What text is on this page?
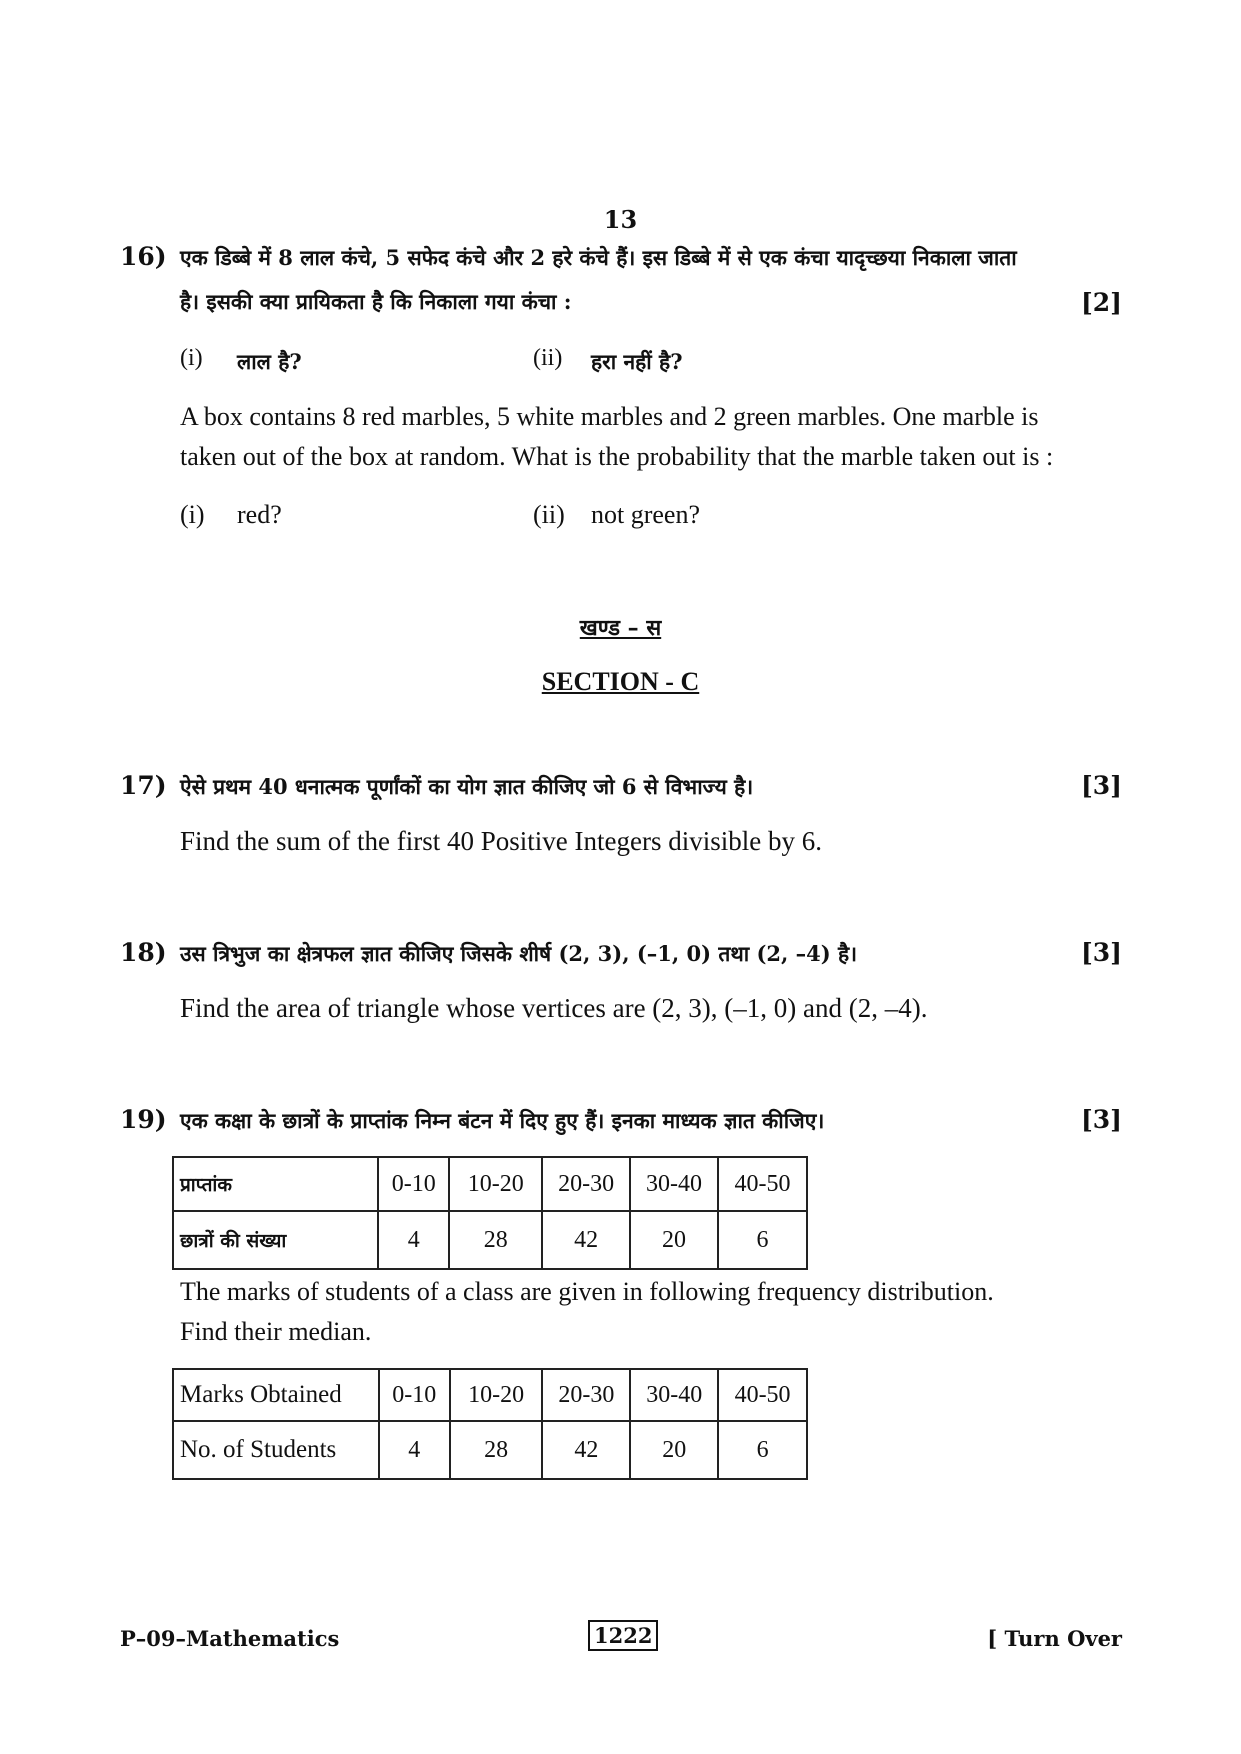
13
16) एक डिब्बे में 8 लाल कंचे, 5 सफेद कंचे और 2 हरे कंचे हैं। इस डिब्बे में से एक कंचा यादृच्छया निकाला जाता
है। इसकी क्या प्रायिकता है कि निकाला गया कंचा :	[2]
(i) लाल है?	(ii) हरा नहीं है?
A box contains 8 red marbles, 5 white marbles and 2 green marbles. One marble is
taken out of the box at random. What is the probability that the marble taken out is :
(i) red?	(ii) not green?
खण्ड – स
SECTION - C
17) ऐसे प्रथम 40 धनात्मक पूर्णांकों का योग ज्ञात कीजिए जो 6 से विभाज्य है।	[3]
Find the sum of the first 40 Positive Integers divisible by 6.
18) उस त्रिभुज का क्षेत्रफल ज्ञात कीजिए जिसके शीर्ष (2, 3), (–1, 0) तथा (2, –4) है।	[3]
Find the area of triangle whose vertices are (2, 3), (–1, 0) and (2, –4).
19) एक कक्षा के छात्रों के प्राप्तांक निम्न बंटन में दिए हुए हैं। इनका माध्यक ज्ञात कीजिए।	[3]
प्राप्तांक	0-10	10-20	20-30	30-40	40-50
छात्रों की संख्या	4	28	42	20	6
The marks of students of a class are given in following frequency distribution.
Find their median.
Marks Obtained	0-10	10-20	20-30	30-40	40-50
No. of Students	4	28	42	20	6
P–09–Mathematics	1222	[ Turn Over
